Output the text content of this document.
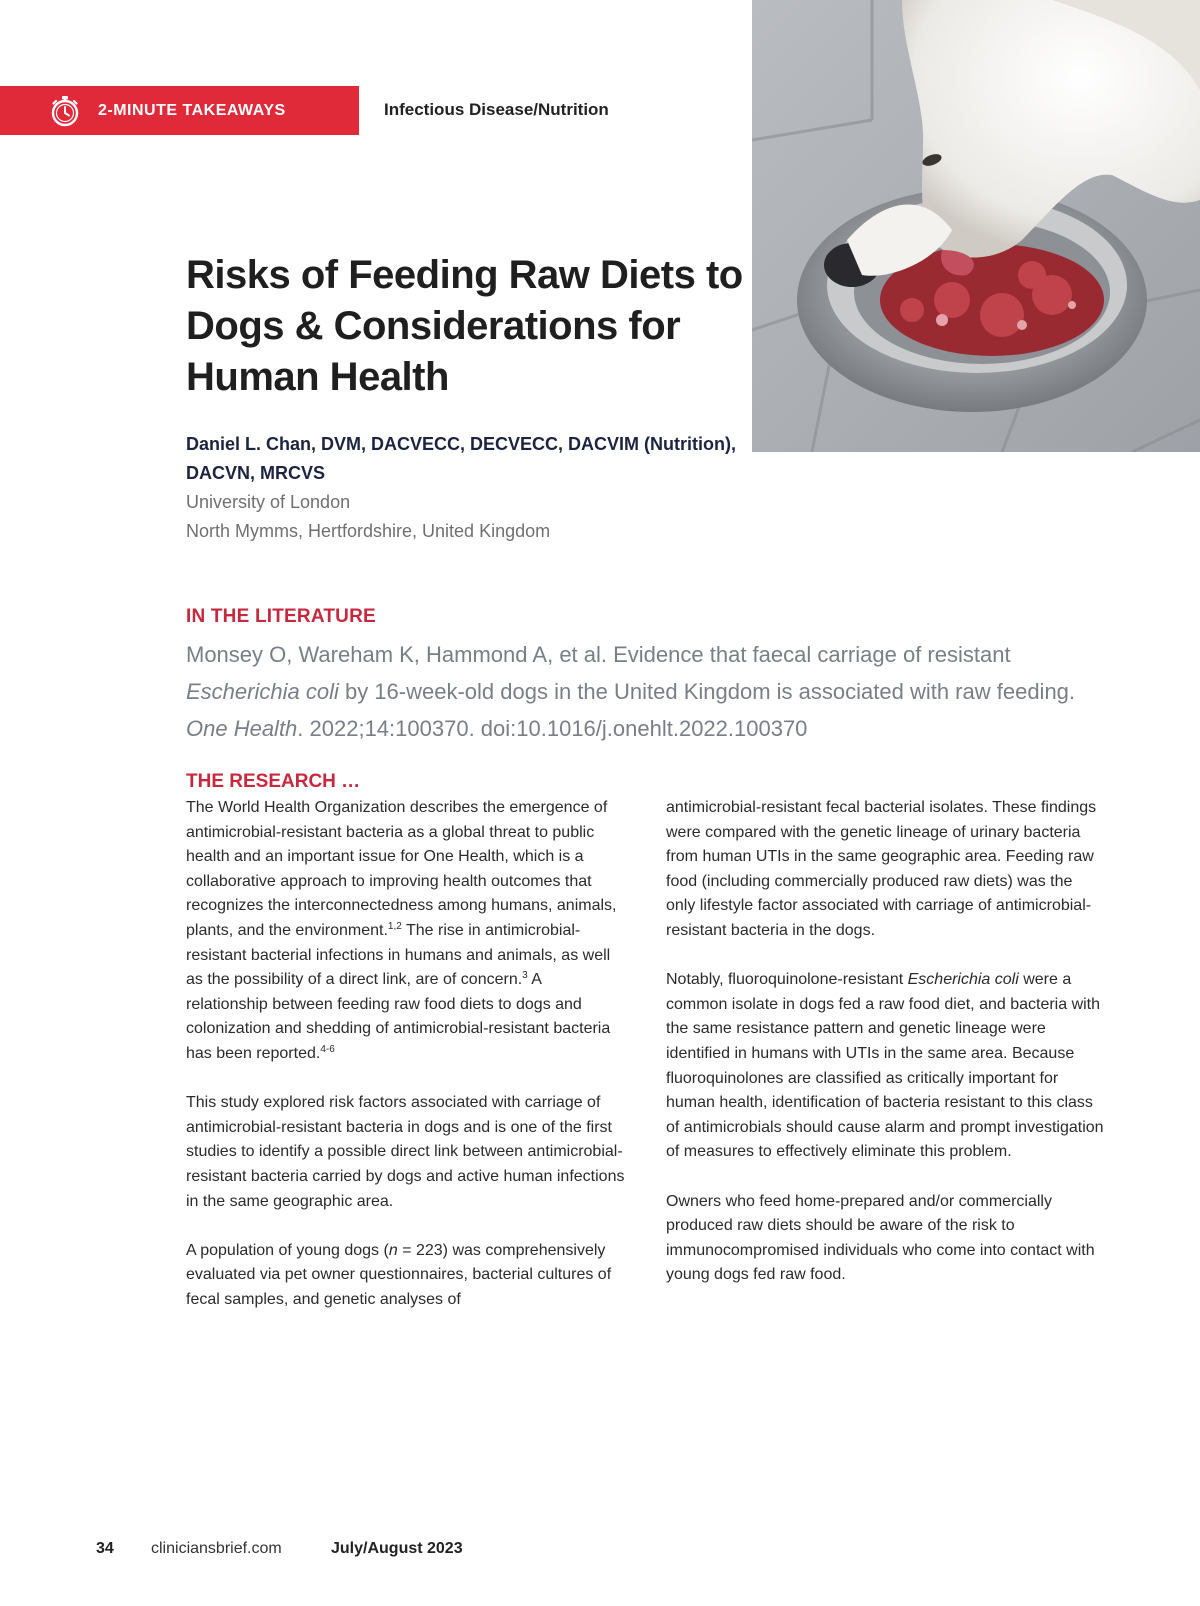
2-MINUTE TAKEAWAYS	Infectious Disease/Nutrition
Risks of Feeding Raw Diets to Dogs & Considerations for Human Health
Daniel L. Chan, DVM, DACVECC, DECVECC, DACVIM (Nutrition), DACVN, MRCVS
University of London
North Mymms, Hertfordshire, United Kingdom
IN THE LITERATURE

Monsey O, Wareham K, Hammond A, et al. Evidence that faecal carriage of resistant Escherichia coli by 16-week-old dogs in the United Kingdom is associated with raw feeding. One Health. 2022;14:100370. doi:10.1016/j.onehlt.2022.100370

THE RESEARCH …

The World Health Organization describes the emergence of antimicrobial-resistant bacteria as a global threat to public health and an important issue for One Health, which is a collaborative approach to improving health outcomes that recognizes the interconnectedness among humans, animals, plants, and the environment.$^{1,2}$ The rise in antimicrobial-resistant bacterial infections in humans and animals, as well as the possibility of a direct link, are of concern.$^3$ A relationship between feeding raw food diets to dogs and colonization and shedding of antimicrobial-resistant bacteria has been reported.$^{4-6}$

This study explored risk factors associated with carriage of antimicrobial-resistant bacteria in dogs and is one of the first studies to identify a possible direct link between antimicrobial-resistant bacteria carried by dogs and active human infections in the same geographic area.

A population of young dogs (n = 223) was comprehensively evaluated via pet owner questionnaires, bacterial cultures of fecal samples, and genetic analyses of

antimicrobial-resistant fecal bacterial isolates. These findings were compared with the genetic lineage of urinary bacteria from human UTIs in the same geographic area. Feeding raw food (including commercially produced raw diets) was the only lifestyle factor associated with carriage of antimicrobial-resistant bacteria in the dogs.

Notably, fluoroquinolone-resistant Escherichia coli were a common isolate in dogs fed a raw food diet, and bacteria with the same resistance pattern and genetic lineage were identified in humans with UTIs in the same area. Because fluoroquinolones are classified as critically important for human health, identification of bacteria resistant to this class of antimicrobials should cause alarm and prompt investigation of measures to effectively eliminate this problem.

Owners who feed home-prepared and/or commercially produced raw diets should be aware of the risk to immunocompromised individuals who come into contact with young dogs fed raw food.

34	cliniciansbrief.com	July/August 2023
